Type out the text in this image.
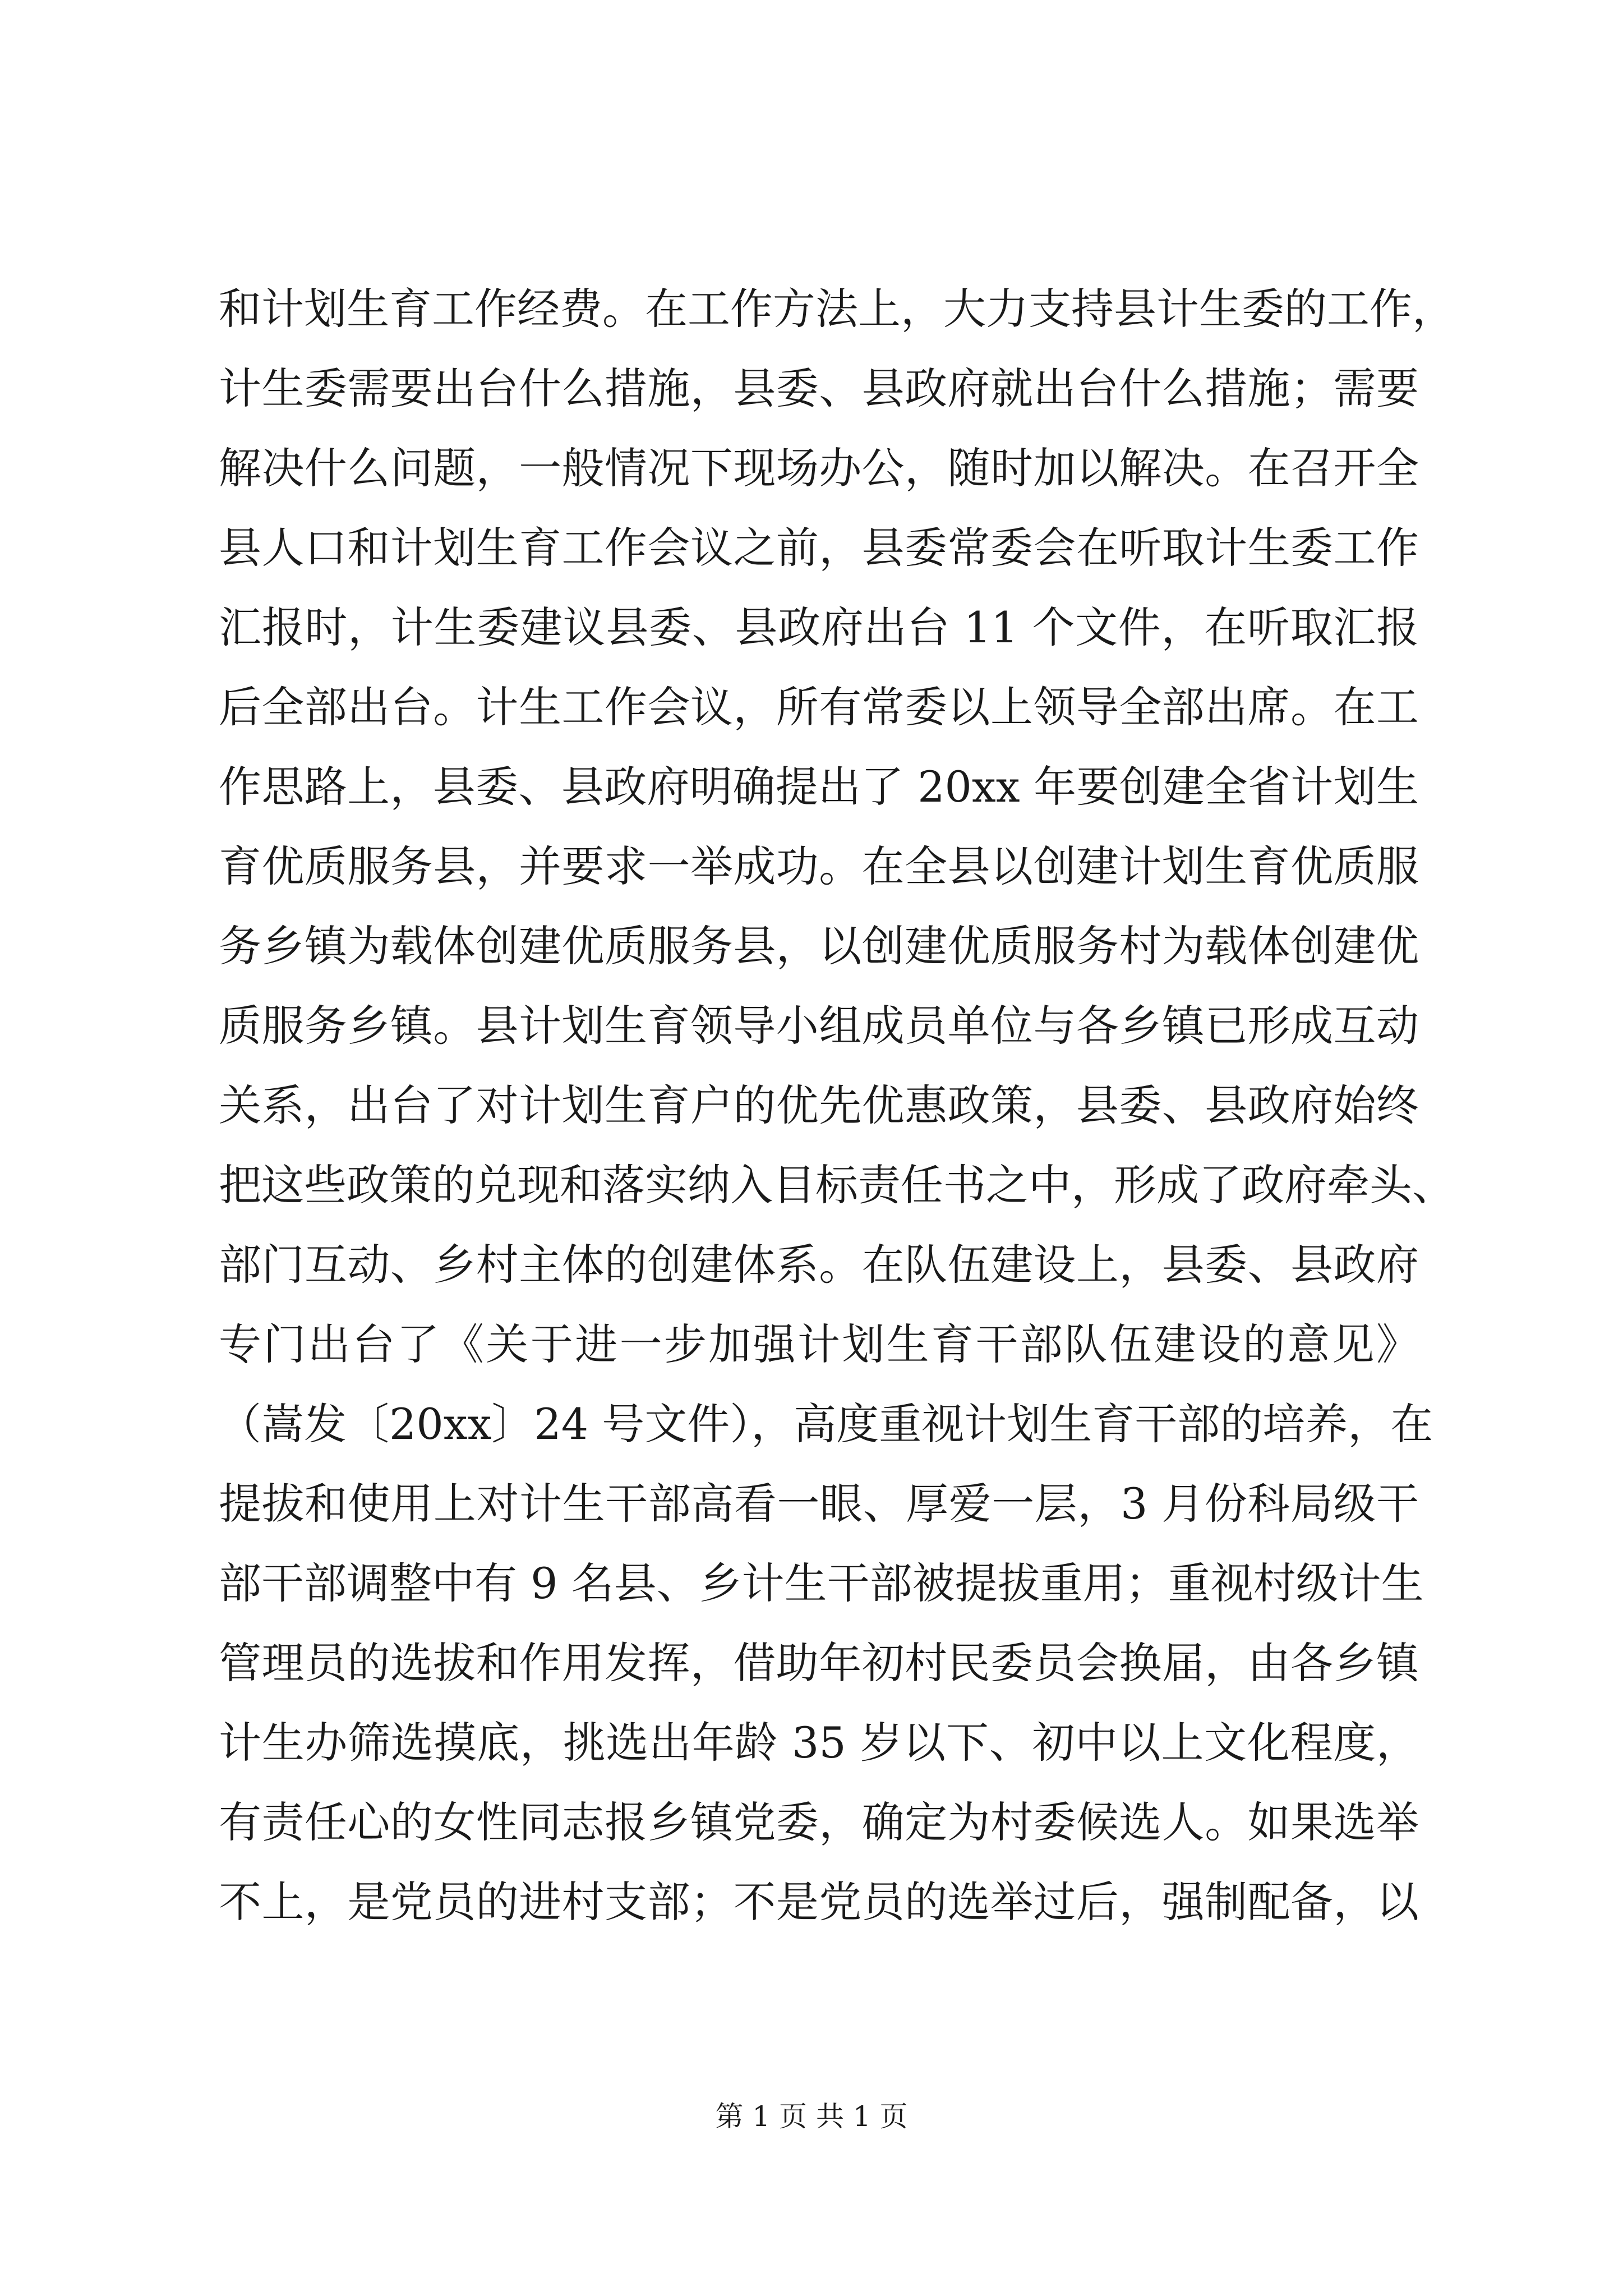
和计划生育工作经费。在工作方法上，大力支持县计生委的工作，
计生委需要出台什么措施，县委、县政府就出台什么措施；需要
解决什么问题，一般情况下现场办公，随时加以解决。在召开全
县人口和计划生育工作会议之前，县委常委会在听取计生委工作
汇报时，计生委建议县委、县政府出台 11 个文件，在听取汇报
后全部出台。计生工作会议，所有常委以上领导全部出席。在工
作思路上，县委、县政府明确提出了 20xx 年要创建全省计划生
育优质服务县，并要求一举成功。在全县以创建计划生育优质服
务乡镇为载体创建优质服务县，以创建优质服务村为载体创建优
质服务乡镇。县计划生育领导小组成员单位与各乡镇已形成互动
关系，出台了对计划生育户的优先优惠政策，县委、县政府始终
把这些政策的兑现和落实纳入目标责任书之中，形成了政府牵头、
部门互动、乡村主体的创建体系。在队伍建设上，县委、县政府
专门出台了《关于进一步加强计划生育干部队伍建设的意见》
（嵩发〔20xx〕24 号文件），高度重视计划生育干部的培养，在
提拔和使用上对计生干部高看一眼、厚爱一层，3 月份科局级干
部干部调整中有 9 名县、乡计生干部被提拔重用；重视村级计生
管理员的选拔和作用发挥，借助年初村民委员会换届，由各乡镇
计生办筛选摸底，挑选出年龄 35 岁以下、初中以上文化程度，
有责任心的女性同志报乡镇党委，确定为村委候选人。如果选举
不上，是党员的进村支部；不是党员的选举过后，强制配备，以
第 1 页 共 1 页
